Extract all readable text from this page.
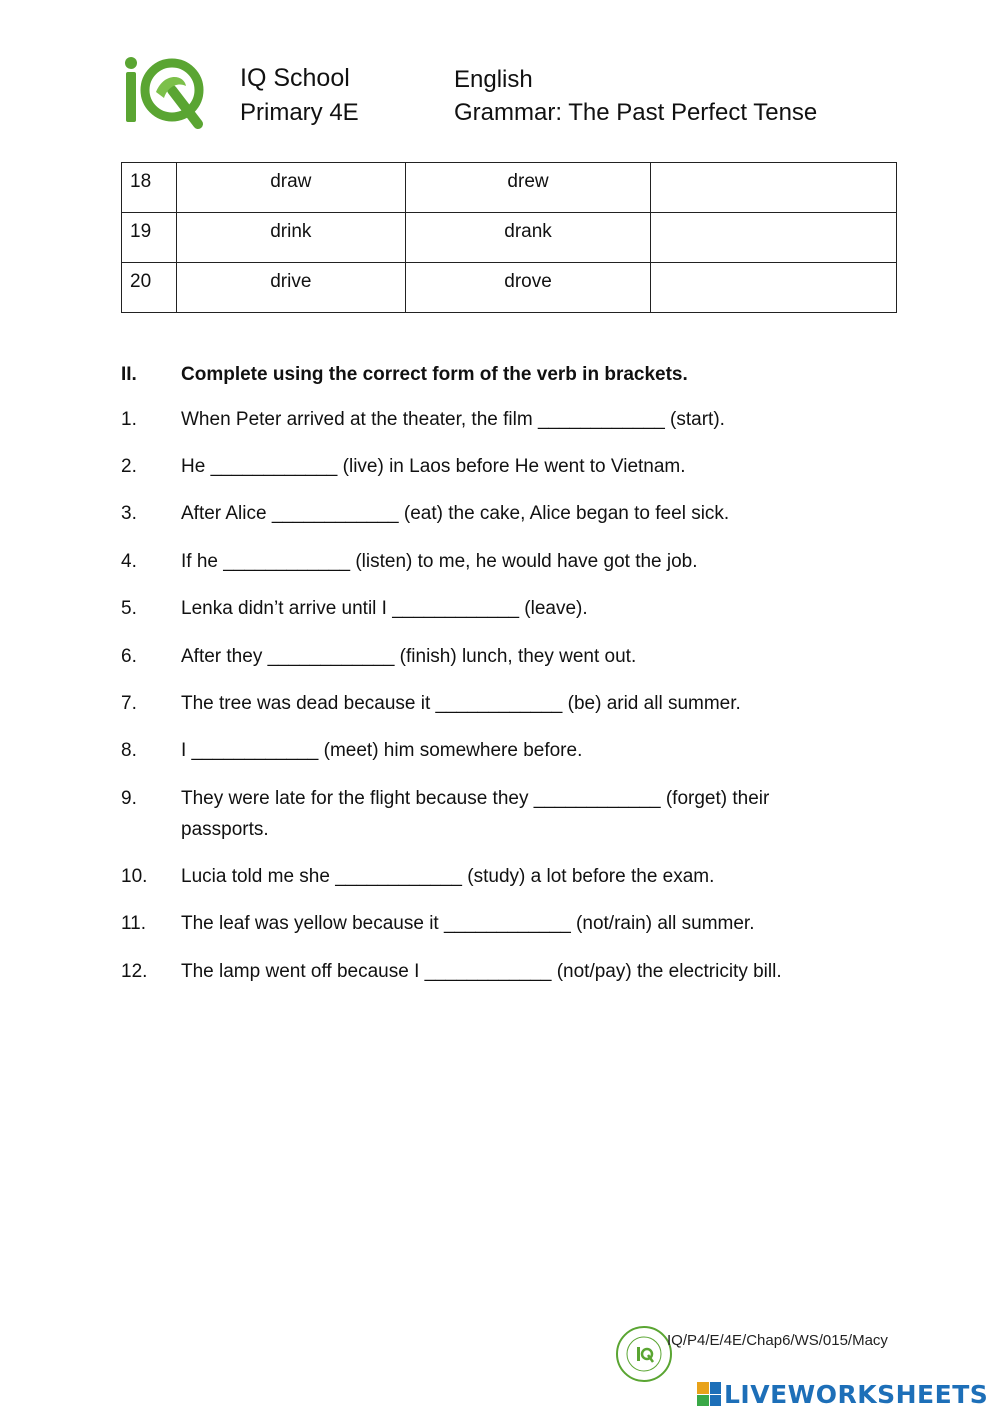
IQ School
Primary 4E
English
Grammar: The Past Perfect Tense
18	draw	drew	
19	drink	drank	
20	drive	drove	
II. Complete using the correct form of the verb in brackets.
1.	When Peter arrived at the theater, the film ____________ (start).
2.	He ____________ (live) in Laos before He went to Vietnam.
3.	After Alice ____________ (eat) the cake, Alice began to feel sick.
4.	If he ____________ (listen) to me, he would have got the job.
5.	Lenka didn’t arrive until I ____________ (leave).
6.	After they ____________ (finish) lunch, they went out.
7.	The tree was dead because it ____________ (be) arid all summer.
8.	I ____________ (meet) him somewhere before.
9.	They were late for the flight because they ____________ (forget) their passports.
10.	Lucia told me she ____________ (study) a lot before the exam.
11.	The leaf was yellow because it ____________ (not/rain) all summer.
12.	The lamp went off because I ____________ (not/pay) the electricity bill.
IQ/P4/E/4E/Chap6/WS/015/Macy
LIVEWORKSHEETS
